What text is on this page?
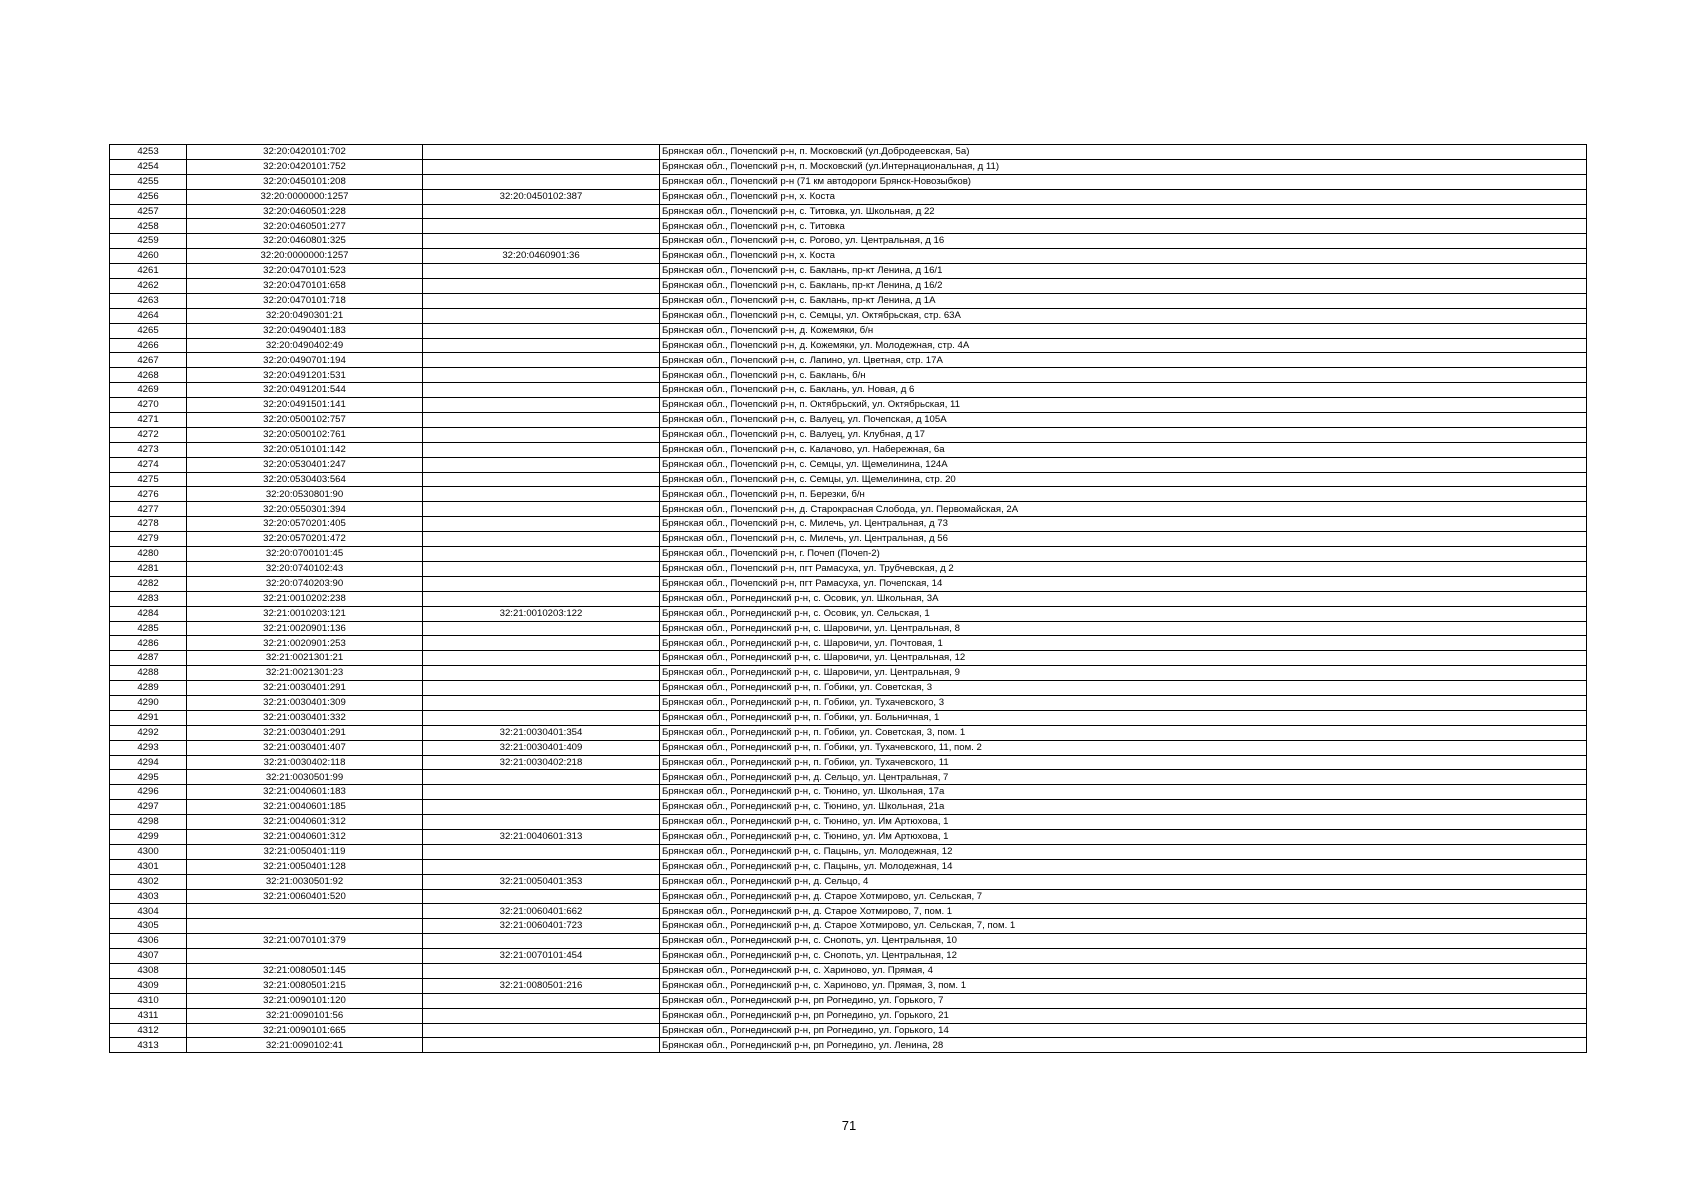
4253	32:20:0420101:702		Брянская обл., Почепский р-н, п. Московский (ул.Добродеевская, 5а)
4254	32:20:0420101:752		Брянская обл., Почепский р-н, п. Московский (ул.Интернациональная, д 11)
4255	32:20:0450101:208		Брянская обл., Почепский р-н (71 км автодороги Брянск-Новозыбков)
4256	32:20:0000000:1257	32:20:0450102:387	Брянская обл., Почепский р-н, х. Коста
4257	32:20:0460501:228		Брянская обл., Почепский р-н, с. Титовка, ул. Школьная, д 22
4258	32:20:0460501:277		Брянская обл., Почепский р-н, с. Титовка
4259	32:20:0460801:325		Брянская обл., Почепский р-н, с. Рогово, ул. Центральная, д 16
4260	32:20:0000000:1257	32:20:0460901:36	Брянская обл., Почепский р-н, х. Коста
4261	32:20:0470101:523		Брянская обл., Почепский р-н, с. Баклань, пр-кт Ленина, д 16/1
4262	32:20:0470101:658		Брянская обл., Почепский р-н, с. Баклань, пр-кт Ленина, д 16/2
4263	32:20:0470101:718		Брянская обл., Почепский р-н, с. Баклань, пр-кт Ленина, д 1А
4264	32:20:0490301:21		Брянская обл., Почепский р-н, с. Семцы, ул. Октябрьская, стр. 63А
4265	32:20:0490401:183		Брянская обл., Почепский р-н, д. Кожемяки, б/н
4266	32:20:0490402:49		Брянская обл., Почепский р-н, д. Кожемяки, ул. Молодежная, стр. 4А
4267	32:20:0490701:194		Брянская обл., Почепский р-н, с. Лапино, ул. Цветная, стр. 17А
4268	32:20:0491201:531		Брянская обл., Почепский р-н, с. Баклань, б/н
4269	32:20:0491201:544		Брянская обл., Почепский р-н, с. Баклань, ул. Новая, д 6
4270	32:20:0491501:141		Брянская обл., Почепский р-н, п. Октябрьский, ул. Октябрьская, 11
4271	32:20:0500102:757		Брянская обл., Почепский р-н, с. Валуец, ул. Почепская, д 105А
4272	32:20:0500102:761		Брянская обл., Почепский р-н, с. Валуец, ул. Клубная, д 17
4273	32:20:0510101:142		Брянская обл., Почепский р-н, с. Калачово, ул. Набережная, 6а
4274	32:20:0530401:247		Брянская обл., Почепский р-н, с. Семцы, ул. Щемелинина, 124А
4275	32:20:0530403:564		Брянская обл., Почепский р-н, с. Семцы, ул. Щемелинина, стр. 20
4276	32:20:0530801:90		Брянская обл., Почепский р-н, п. Березки, б/н
4277	32:20:0550301:394		Брянская обл., Почепский р-н, д. Старокрасная Слобода, ул. Первомайская, 2А
4278	32:20:0570201:405		Брянская обл., Почепский р-н, с. Милечь, ул. Центральная, д 73
4279	32:20:0570201:472		Брянская обл., Почепский р-н, с. Милечь, ул. Центральная, д 56
4280	32:20:0700101:45		Брянская обл., Почепский р-н, г. Почеп (Почеп-2)
4281	32:20:0740102:43		Брянская обл., Почепский р-н, пгт Рамасуха, ул. Трубчевская, д 2
4282	32:20:0740203:90		Брянская обл., Почепский р-н, пгт Рамасуха, ул. Почепская, 14
4283	32:21:0010202:238		Брянская обл., Рогнединский р-н, с. Осовик, ул. Школьная, 3А
4284	32:21:0010203:121	32:21:0010203:122	Брянская обл., Рогнединский р-н, с. Осовик, ул. Сельская, 1
4285	32:21:0020901:136		Брянская обл., Рогнединский р-н, с. Шаровичи, ул. Центральная, 8
4286	32:21:0020901:253		Брянская обл., Рогнединский р-н, с. Шаровичи, ул. Почтовая, 1
4287	32:21:0021301:21		Брянская обл., Рогнединский р-н, с. Шаровичи, ул. Центральная, 12
4288	32:21:0021301:23		Брянская обл., Рогнединский р-н, с. Шаровичи, ул. Центральная, 9
4289	32:21:0030401:291		Брянская обл., Рогнединский р-н, п. Гобики, ул. Советская, 3
4290	32:21:0030401:309		Брянская обл., Рогнединский р-н, п. Гобики, ул. Тухачевского, 3
4291	32:21:0030401:332		Брянская обл., Рогнединский р-н, п. Гобики, ул. Больничная, 1
4292	32:21:0030401:291	32:21:0030401:354	Брянская обл., Рогнединский р-н, п. Гобики, ул. Советская, 3, пом. 1
4293	32:21:0030401:407	32:21:0030401:409	Брянская обл., Рогнединский р-н, п. Гобики, ул. Тухачевского, 11, пом. 2
4294	32:21:0030402:118	32:21:0030402:218	Брянская обл., Рогнединский р-н, п. Гобики, ул. Тухачевского, 11
4295	32:21:0030501:99		Брянская обл., Рогнединский р-н, д. Сельцо, ул. Центральная, 7
4296	32:21:0040601:183		Брянская обл., Рогнединский р-н, с. Тюнино, ул. Школьная, 17а
4297	32:21:0040601:185		Брянская обл., Рогнединский р-н, с. Тюнино, ул. Школьная, 21а
4298	32:21:0040601:312		Брянская обл., Рогнединский р-н, с. Тюнино, ул. Им Артюхова, 1
4299	32:21:0040601:312	32:21:0040601:313	Брянская обл., Рогнединский р-н, с. Тюнино, ул. Им Артюхова, 1
4300	32:21:0050401:119		Брянская обл., Рогнединский р-н, с. Пацынь, ул. Молодежная, 12
4301	32:21:0050401:128		Брянская обл., Рогнединский р-н, с. Пацынь, ул. Молодежная, 14
4302	32:21:0030501:92	32:21:0050401:353	Брянская обл., Рогнединский р-н, д. Сельцо, 4
4303	32:21:0060401:520		Брянская обл., Рогнединский р-н, д. Старое Хотмирово, ул. Сельская, 7
4304		32:21:0060401:662	Брянская обл., Рогнединский р-н, д. Старое Хотмирово, 7, пом. 1
4305		32:21:0060401:723	Брянская обл., Рогнединский р-н, д. Старое Хотмирово, ул. Сельская, 7, пом. 1
4306	32:21:0070101:379		Брянская обл., Рогнединский р-н, с. Снопоть, ул. Центральная, 10
4307		32:21:0070101:454	Брянская обл., Рогнединский р-н, с. Снопоть, ул. Центральная, 12
4308	32:21:0080501:145		Брянская обл., Рогнединский р-н, с. Хариново, ул. Прямая, 4
4309	32:21:0080501:215	32:21:0080501:216	Брянская обл., Рогнединский р-н, с. Хариново, ул. Прямая, 3, пом. 1
4310	32:21:0090101:120		Брянская обл., Рогнединский р-н, рп Рогнедино, ул. Горького, 7
4311	32:21:0090101:56		Брянская обл., Рогнединский р-н, рп Рогнедино, ул. Горького, 21
4312	32:21:0090101:665		Брянская обл., Рогнединский р-н, рп Рогнедино, ул. Горького, 14
4313	32:21:0090102:41		Брянская обл., Рогнединский р-н, рп Рогнедино, ул. Ленина, 28
71
